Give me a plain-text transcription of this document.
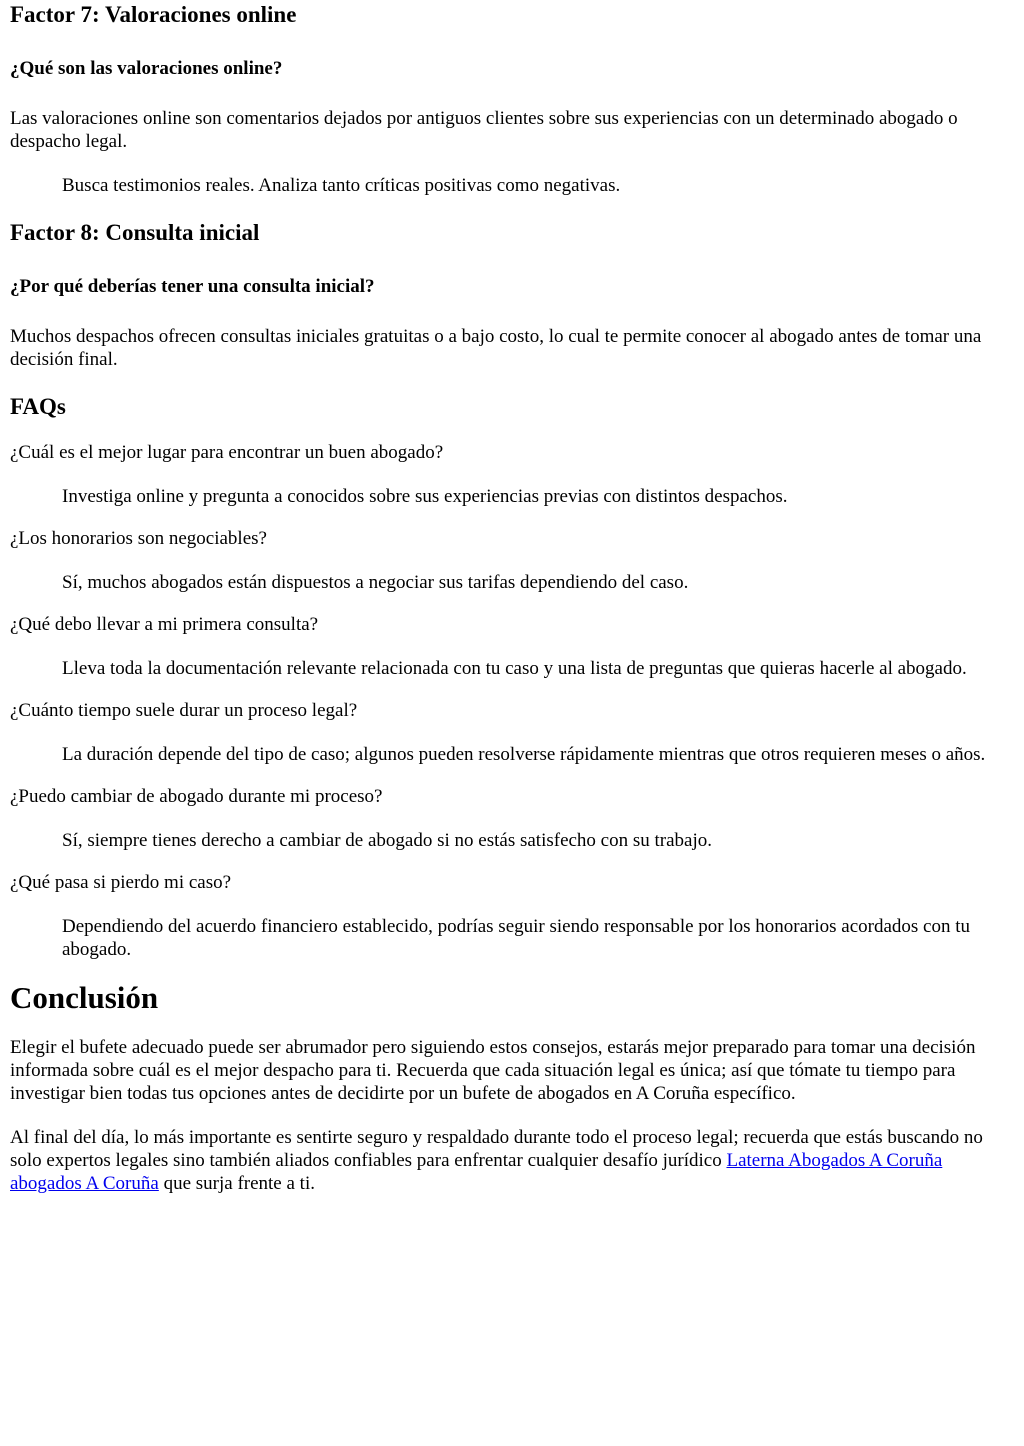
Factor 7: Valoraciones online
¿Qué son las valoraciones online?

Las valoraciones online son comentarios dejados por antiguos clientes sobre sus experiencias con un determinado abogado o despacho legal.

Busca testimonios reales. Analiza tanto críticas positivas como negativas.
Factor 8: Consulta inicial
¿Por qué deberías tener una consulta inicial?

Muchos despachos ofrecen consultas iniciales gratuitas o a bajo costo, lo cual te permite conocer al abogado antes de tomar una decisión final.

FAQs

¿Cuál es el mejor lugar para encontrar un buen abogado?

Investiga online y pregunta a conocidos sobre sus experiencias previas con distintos despachos.

¿Los honorarios son negociables?

Sí, muchos abogados están dispuestos a negociar sus tarifas dependiendo del caso.

¿Qué debo llevar a mi primera consulta?

Lleva toda la documentación relevante relacionada con tu caso y una lista de preguntas que quieras hacerle al abogado.

¿Cuánto tiempo suele durar un proceso legal?

La duración depende del tipo de caso; algunos pueden resolverse rápidamente mientras que otros requieren meses o años.

¿Puedo cambiar de abogado durante mi proceso?

Sí, siempre tienes derecho a cambiar de abogado si no estás satisfecho con su trabajo.

¿Qué pasa si pierdo mi caso?

Dependiendo del acuerdo financiero establecido, podrías seguir siendo responsable por los honorarios acordados con tu abogado.
Conclusión

Elegir el bufete adecuado puede ser abrumador pero siguiendo estos consejos, estarás mejor preparado para tomar una decisión informada sobre cuál es el mejor despacho para ti. Recuerda que cada situación legal es única; así que tómate tu tiempo para investigar bien todas tus opciones antes de decidirte por un bufete de abogados en A Coruña específico.

Al final del día, lo más importante es sentirte seguro y respaldado durante todo el proceso legal; recuerda que estás buscando no solo expertos legales sino también aliados confiables para enfrentar cualquier desafío jurídico Laterna Abogados A Coruña abogados A Coruña que surja frente a ti.
